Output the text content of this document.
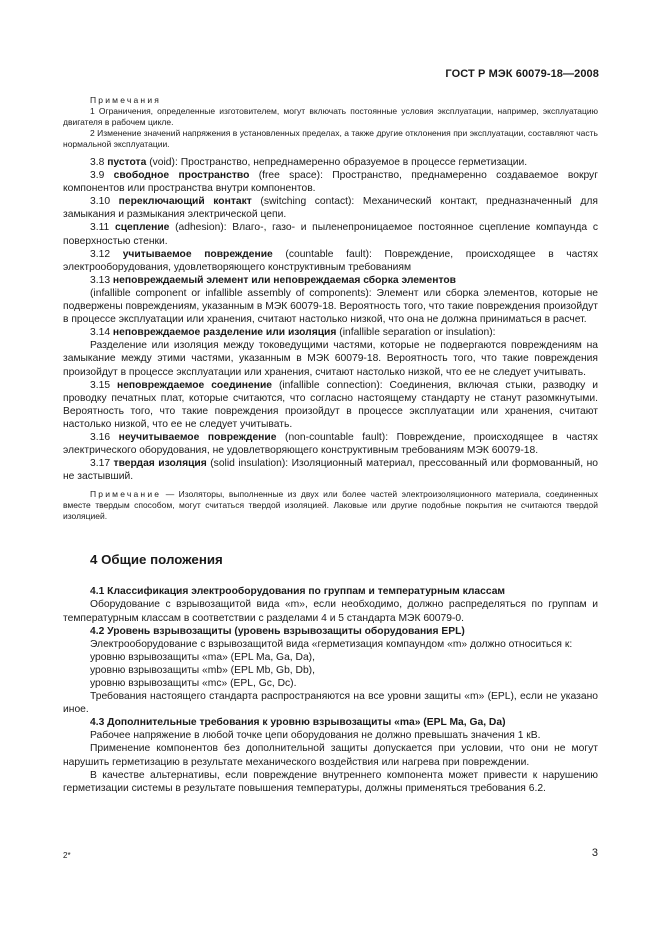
ГОСТ Р МЭК 60079-18—2008

Примечания

1 Ограничения, определенные изготовителем, могут включать постоянные условия эксплуатации, например, эксплуатацию двигателя в рабочем цикле.

2 Изменение значений напряжения в установленных пределах, а также другие отклонения при эксплуатации, составляют часть нормальной эксплуатации.

3.8 пустота (void): Пространство, непреднамеренно образуемое в процессе герметизации.

3.9 свободное пространство (free space): Пространство, преднамеренно создаваемое вокруг компонентов или пространства внутри компонентов.

3.10 переключающий контакт (switching contact): Механический контакт, предназначенный для замыкания и размыкания электрической цепи.

3.11 сцепление (adhesion): Влаго-, газо- и пыленепроницаемое постоянное сцепление компаунда с поверхностью стенки.

3.12 учитываемое повреждение (countable fault): Повреждение, происходящее в частях электрооборудования, удовлетворяющего конструктивным требованиям

3.13 неповреждаемый элемент или неповреждаемая сборка элементов

(infallible component or infallible assembly of components): Элемент или сборка элементов, которые не подвержены повреждениям, указанным в МЭК 60079-18. Вероятность того, что такие повреждения произойдут в процессе эксплуатации или хранения, считают настолько низкой, что она не должна приниматься в расчет.

3.14 неповреждаемое разделение или изоляция (infallible separation or insulation):

Разделение или изоляция между токоведущими частями, которые не подвергаются повреждениям на замыкание между этими частями, указанным в МЭК 60079-18. Вероятность того, что такие повреждения произойдут в процессе эксплуатации или хранения, считают настолько низкой, что ее не следует учитывать.

3.15 неповреждаемое соединение (infallible connection): Соединения, включая стыки, разводку и проводку печатных плат, которые считаются, что согласно настоящему стандарту не станут разомкнутыми. Вероятность того, что такие повреждения произойдут в процессе эксплуатации или хранения, считают настолько низкой, что ее не следует учитывать.

3.16 неучитываемое повреждение (non-countable fault): Повреждение, происходящее в частях электрического оборудования, не удовлетворяющего конструктивным требованиям МЭК 60079-18.

3.17 твердая изоляция (solid insulation): Изоляционный материал, прессованный или формованный, но не застывший.

Примечание — Изоляторы, выполненные из двух или более частей электроизоляционного материала, соединенных вместе твердым способом, могут считаться твердой изоляцией. Лаковые или другие подобные покрытия не считаются твердой изоляцией.

4 Общие положения

4.1 Классификация электрооборудования по группам и температурным классам

Оборудование с взрывозащитой вида «m», если необходимо, должно распределяться по группам и температурным классам в соответствии с разделами 4 и 5 стандарта МЭК 60079-0.

4.2 Уровень взрывозащиты (уровень взрывозащиты оборудования EPL)

Электрооборудование с взрывозащитой вида «герметизация компаундом «m» должно относиться к:

уровню взрывозащиты «ma» (EPL Ma, Ga, Da),

уровню взрывозащиты «mb» (EPL Mb, Gb, Db),

уровню взрывозащиты «mc» (EPL, Gc, Dc).

Требования настоящего стандарта распространяются на все уровни защиты «m» (EPL), если не указано иное.

4.3 Дополнительные требования к уровню взрывозащиты «ma» (EPL Ma, Ga, Da)

Рабочее напряжение в любой точке цепи оборудования не должно превышать значения 1 кВ.

Применение компонентов без дополнительной защиты допускается при условии, что они не могут нарушить герметизацию в результате механического воздействия или нагрева при повреждении.

В качестве альтернативы, если повреждение внутреннего компонента может привести к нарушению герметизации системы в результате повышения температуры, должны применяться требования 6.2.

2*	3
